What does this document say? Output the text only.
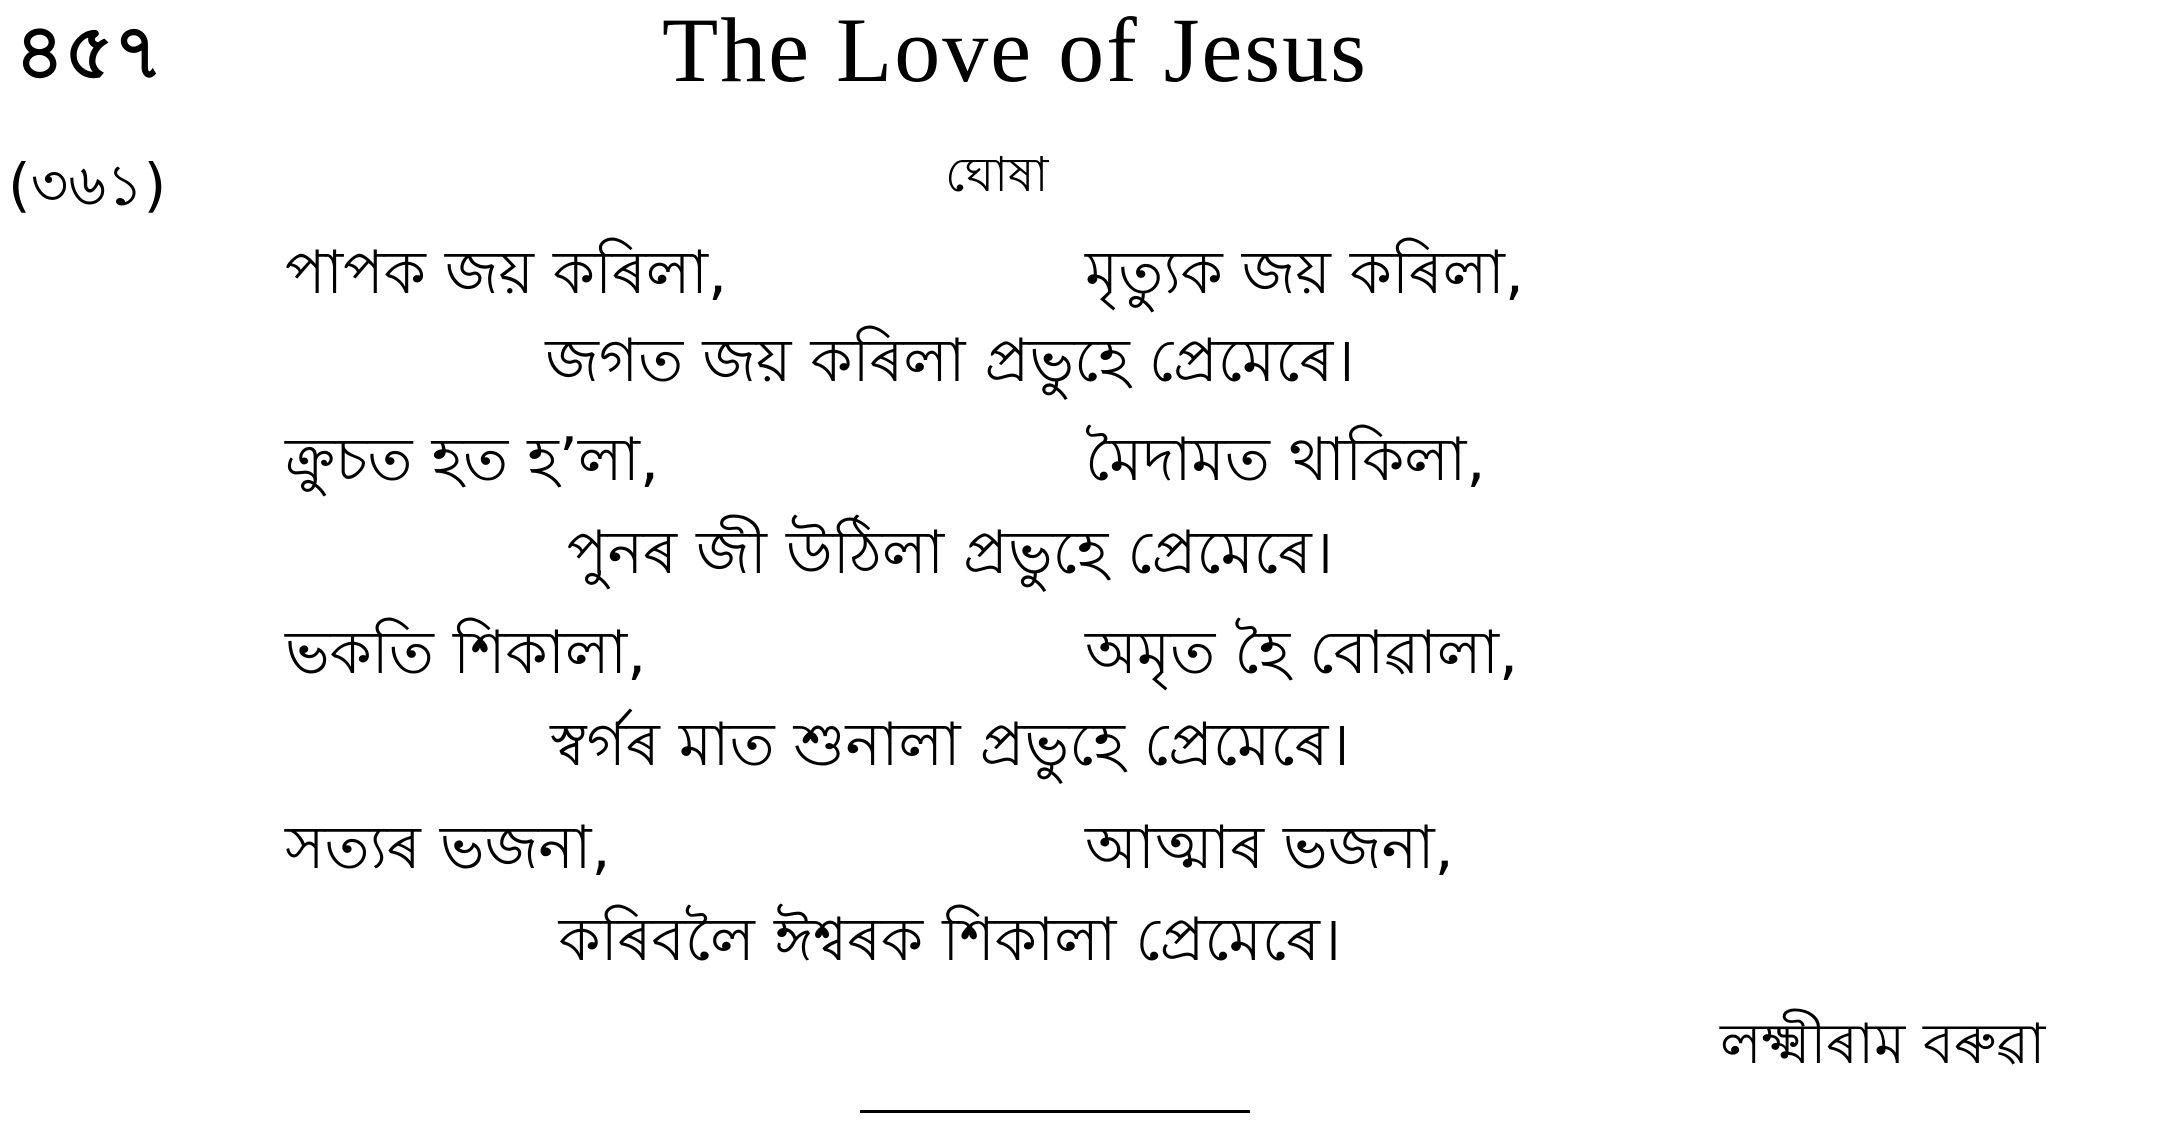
৪৫৭	The Love of Jesus
(৩৬১)	ঘোষা
পাপক জয় কৰিলা,	মৃত্যুক জয় কৰিলা,
জগত জয় কৰিলা প্ৰভুহে প্ৰেমেৰে।
ক্ৰুচত হত হ’লা,	মৈদামত থাকিলা,
পুনৰ জী উঠিলা প্ৰভুহে প্ৰেমেৰে।
ভকতি শিকালা,	অমৃত হৈ বোৱালা,
স্বৰ্গৰ মাত শুনালা প্ৰভুহে প্ৰেমেৰে।
সত্যৰ ভজনা,	আত্মাৰ ভজনা,
কৰিবলৈ ঈশ্বৰক শিকালা প্ৰেমেৰে।
লক্ষ্মীৰাম বৰুৱা
